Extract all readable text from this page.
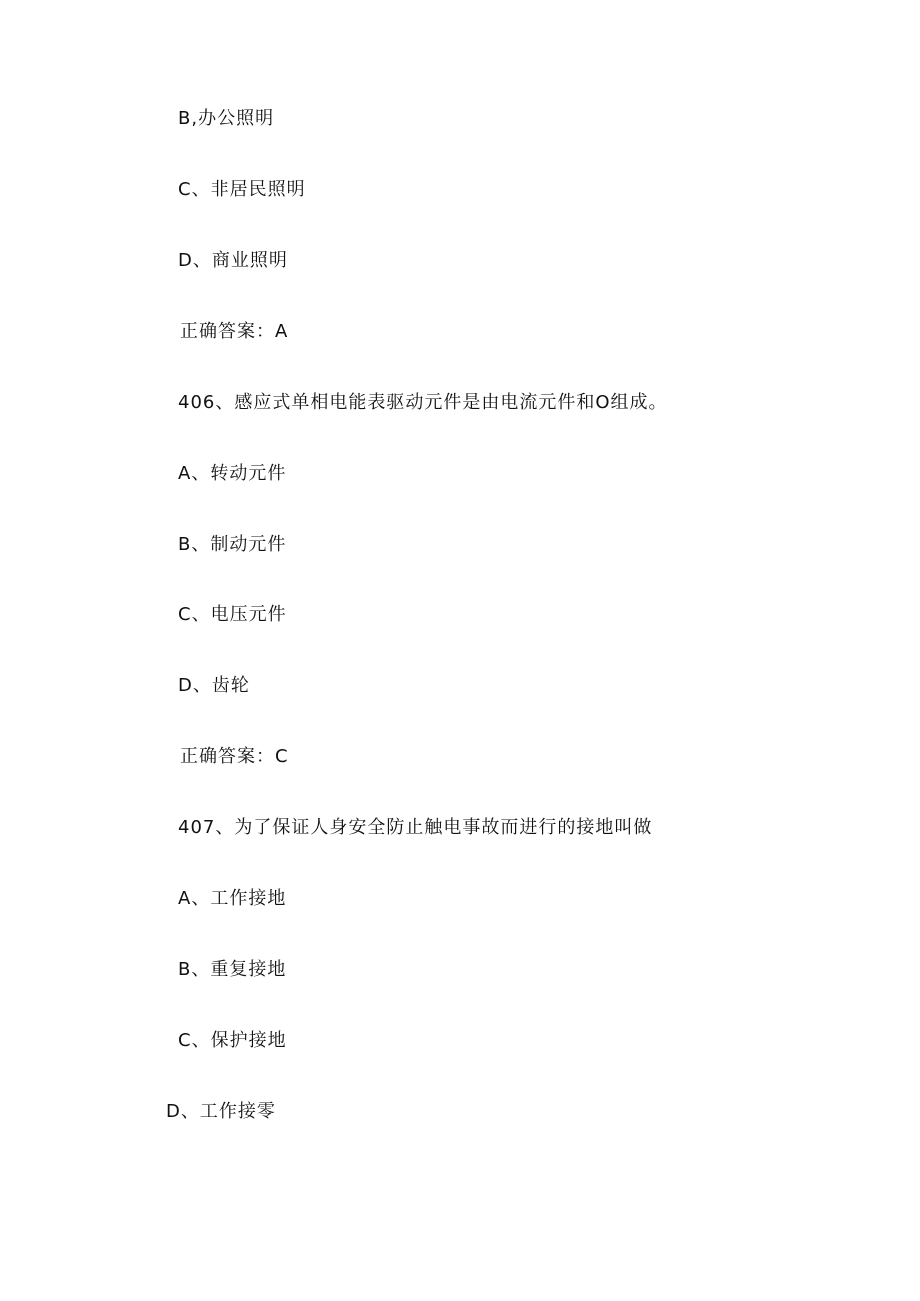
B,办公照明
C、非居民照明
D、商业照明
正确答案：A
406、感应式单相电能表驱动元件是由电流元件和O组成。
A、转动元件
B、制动元件
C、电压元件
D、齿轮
正确答案：C
407、为了保证人身安全防止触电事故而进行的接地叫做
A、工作接地
B、重复接地
C、保护接地
D、工作接零
